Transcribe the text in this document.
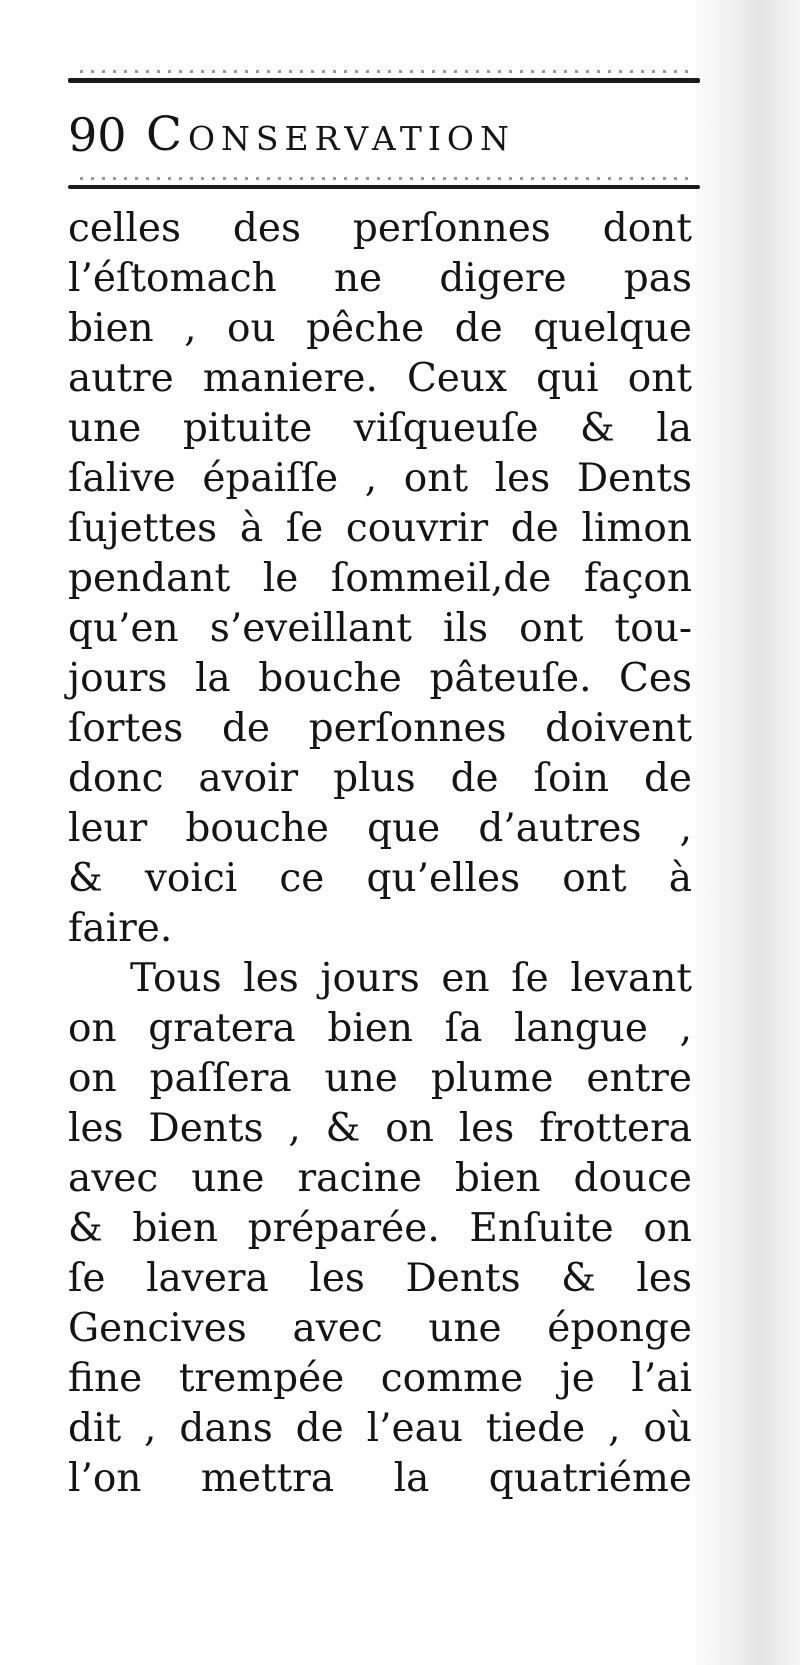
90 Conservation
celles des perſonnes dont
l’éſtomach ne digere pas
bien , ou pêche de quelque
autre maniere. Ceux qui ont
une pituite viſqueuſe & la
ſalive épaiſſe , ont les Dents
ſujettes à ſe couvrir de limon
pendant le ſommeil,de façon
qu’en s’eveillant ils ont tou-
jours la bouche pâteuſe. Ces
ſortes de perſonnes doivent
donc avoir plus de ſoin de
leur bouche que d’autres ,
& voici ce qu’elles ont à
faire.
Tous les jours en ſe levant
on gratera bien ſa langue ,
on paſſera une plume entre
les Dents , & on les frottera
avec une racine bien douce
& bien préparée. Enſuite on
ſe lavera les Dents & les
Gencives avec une éponge
fine trempée comme je l’ai
dit , dans de l’eau tiede , où
l’on mettra la quatriéme
